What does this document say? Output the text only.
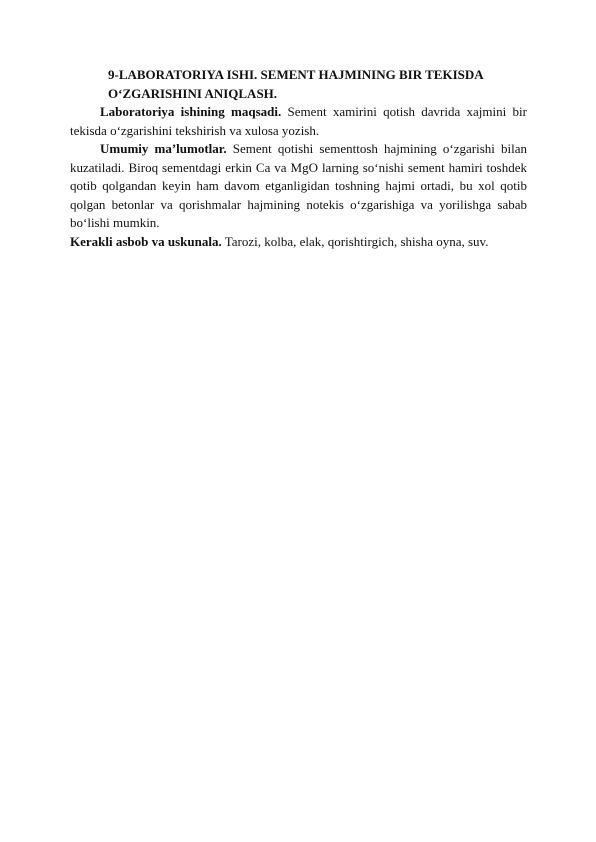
9-LABORATORIYA ISHI. SEMENT HAJMINING BIR TEKISDA
O‘ZGARISHINI ANIQLASH.

Laboratoriya ishining maqsadi. Sement xamirini qotish davrida xajmini bir tekisda o‘zgarishini tekshirish va xulosa yozish.

Umumiy ma’lumotlar. Sement qotishi sementtosh hajmining o‘zgarishi bilan kuzatiladi. Biroq sementdagi erkin Ca va MgO larning so‘nishi sement hamiri toshdek qotib qolgandan keyin ham davom etganligidan toshning hajmi ortadi, bu xol qotib qolgan betonlar va qorishmalar hajmining notekis o‘zgarishiga va yorilishga sabab bo‘lishi mumkin.

Kerakli asbob va uskunala. Tarozi, kolba, elak, qorishtirgich, shisha oyna, suv.
